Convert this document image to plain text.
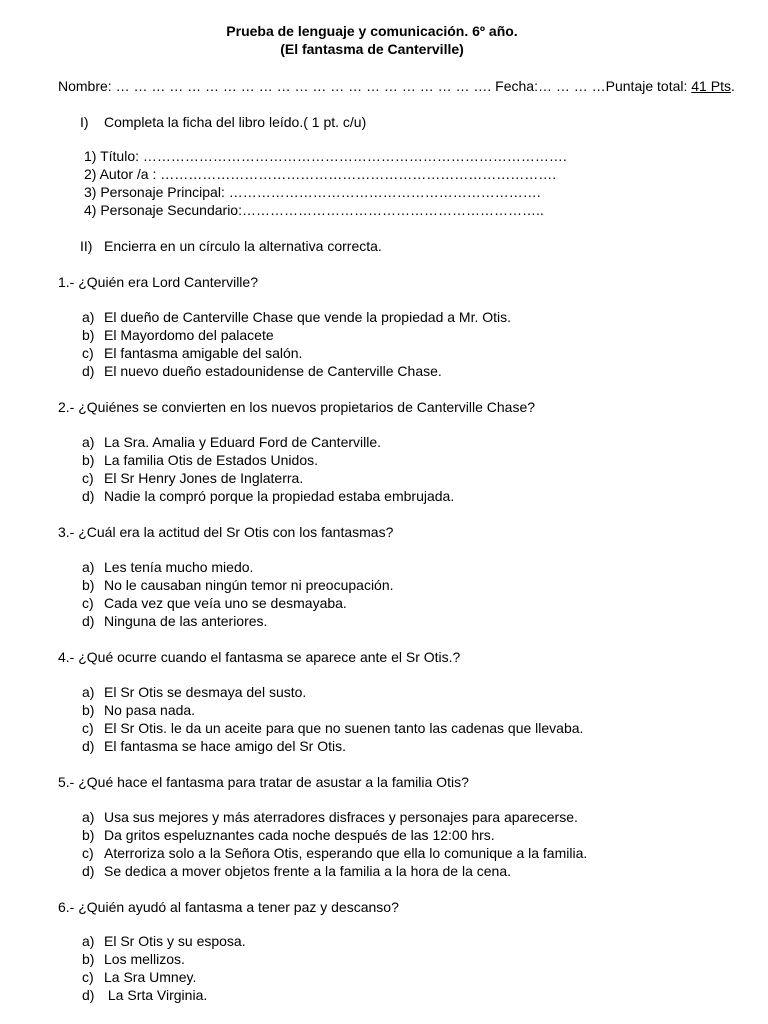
Prueba de lenguaje y comunicación. 6º año.
(El fantasma de Canterville)
Nombre: … … … … … … … … … … … … … … … … … … … … …. Fecha:… … … …Puntaje total: 41 Pts.
I) Completa la ficha del libro leído.( 1 pt. c/u)
1) Título: ……………………………………………………………………………….
2) Autor /a : ………………………………………………………………………….
3) Personaje Principal: ………………………………………………………….
4) Personaje Secundario:………………………………………………………..
II) Encierra en un círculo la alternativa correcta.
1.- ¿Quién era Lord Canterville?
a) El dueño de Canterville Chase que vende la propiedad a Mr. Otis.
b) El Mayordomo del palacete
c) El fantasma amigable del salón.
d) El nuevo dueño estadounidense de Canterville Chase.
2.- ¿Quiénes se convierten en los nuevos propietarios de Canterville Chase?
a) La Sra. Amalia y Eduard Ford de Canterville.
b) La familia Otis de Estados Unidos.
c) El Sr Henry Jones de Inglaterra.
d) Nadie la compró porque la propiedad estaba embrujada.
3.- ¿Cuál era la actitud del Sr Otis con los fantasmas?
a) Les tenía mucho miedo.
b) No le causaban ningún temor ni preocupación.
c) Cada vez que veía uno se desmayaba.
d) Ninguna de las anteriores.
4.- ¿Qué ocurre cuando el fantasma se aparece ante el Sr Otis.?
a) El Sr Otis se desmaya del susto.
b) No pasa nada.
c) El Sr Otis. le da un aceite para que no suenen tanto las cadenas que llevaba.
d) El fantasma se hace amigo del Sr Otis.
5.- ¿Qué hace el fantasma para tratar de asustar a la familia Otis?
a) Usa sus mejores y más aterradores disfraces y personajes para aparecerse.
b) Da gritos espeluznantes cada noche después de las 12:00 hrs.
c) Aterroriza solo a la Señora Otis, esperando que ella lo comunique a la familia.
d) Se dedica a mover objetos frente a la familia a la hora de la cena.
6.- ¿Quién ayudó al fantasma a tener paz y descanso?
a) El Sr Otis y su esposa.
b) Los mellizos.
c) La Sra Umney.
d) La Srta Virginia.
